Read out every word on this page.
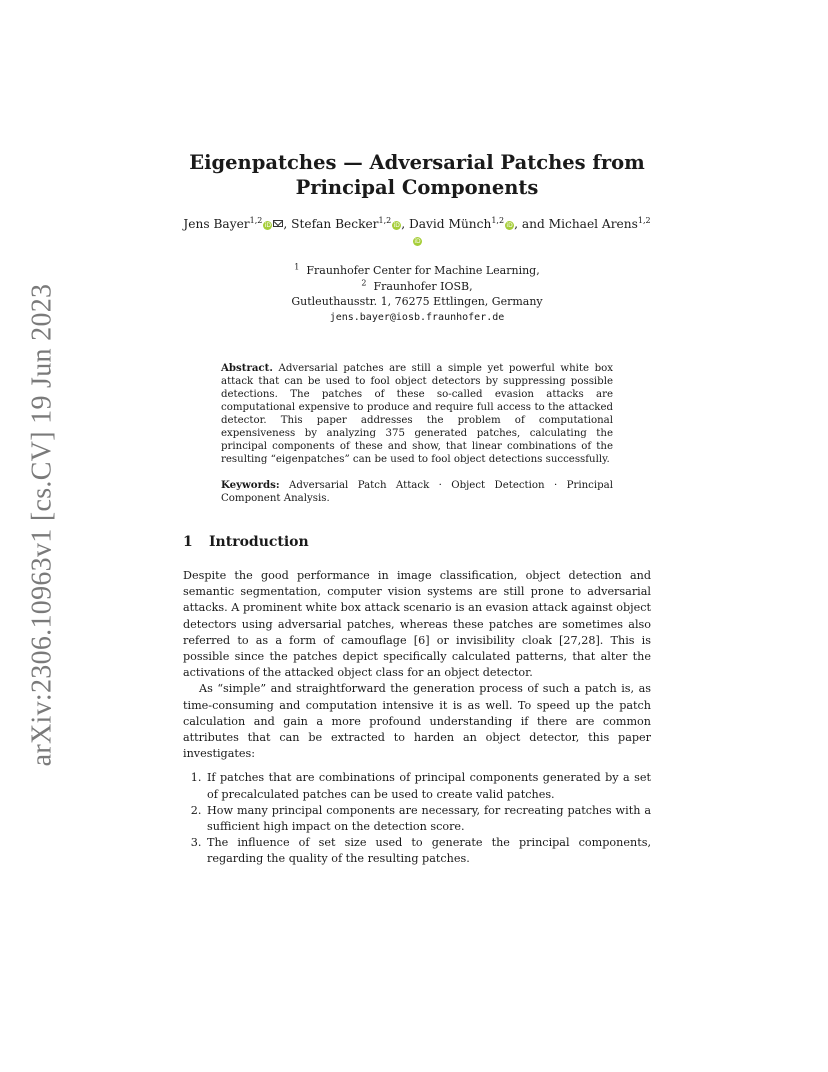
arXiv:2306.10963v1 [cs.CV] 19 Jun 2023
Eigenpatches — Adversarial Patches from Principal Components
Jens Bayer$^{1,2}$iD , Stefan Becker$^{1,2}$iD, David Münch$^{1,2}$iD, and Michael Arens$^{1,2}$iD
$^1$ Fraunhofer Center for Machine Learning,
$^2$ Fraunhofer IOSB,
Gutleuthausstr. 1, 76275 Ettlingen, Germany
jens.bayer@iosb.fraunhofer.de
Abstract. Adversarial patches are still a simple yet powerful white box attack that can be used to fool object detectors by suppressing possible detections. The patches of these so-called evasion attacks are computational expensive to produce and require full access to the attacked detector. This paper addresses the problem of computational expensiveness by analyzing 375 generated patches, calculating the principal components of these and show, that linear combinations of the resulting “eigenpatches” can be used to fool object detections successfully.
Keywords: Adversarial Patch Attack · Object Detection · Principal Component Analysis.
1 Introduction

Despite the good performance in image classification, object detection and semantic segmentation, computer vision systems are still prone to adversarial attacks. A prominent white box attack scenario is an evasion attack against object detectors using adversarial patches, whereas these patches are sometimes also referred to as a form of camouflage [6] or invisibility cloak [27,28]. This is possible since the patches depict specifically calculated patterns, that alter the activations of the attacked object class for an object detector.

As “simple” and straightforward the generation process of such a patch is, as time-consuming and computation intensive it is as well. To speed up the patch calculation and gain a more profound understanding if there are common attributes that can be extracted to harden an object detector, this paper investigates:

1. If patches that are combinations of principal components generated by a set of precalculated patches can be used to create valid patches.
2. How many principal components are necessary, for recreating patches with a sufficient high impact on the detection score.
3. The influence of set size used to generate the principal components, regarding the quality of the resulting patches.
